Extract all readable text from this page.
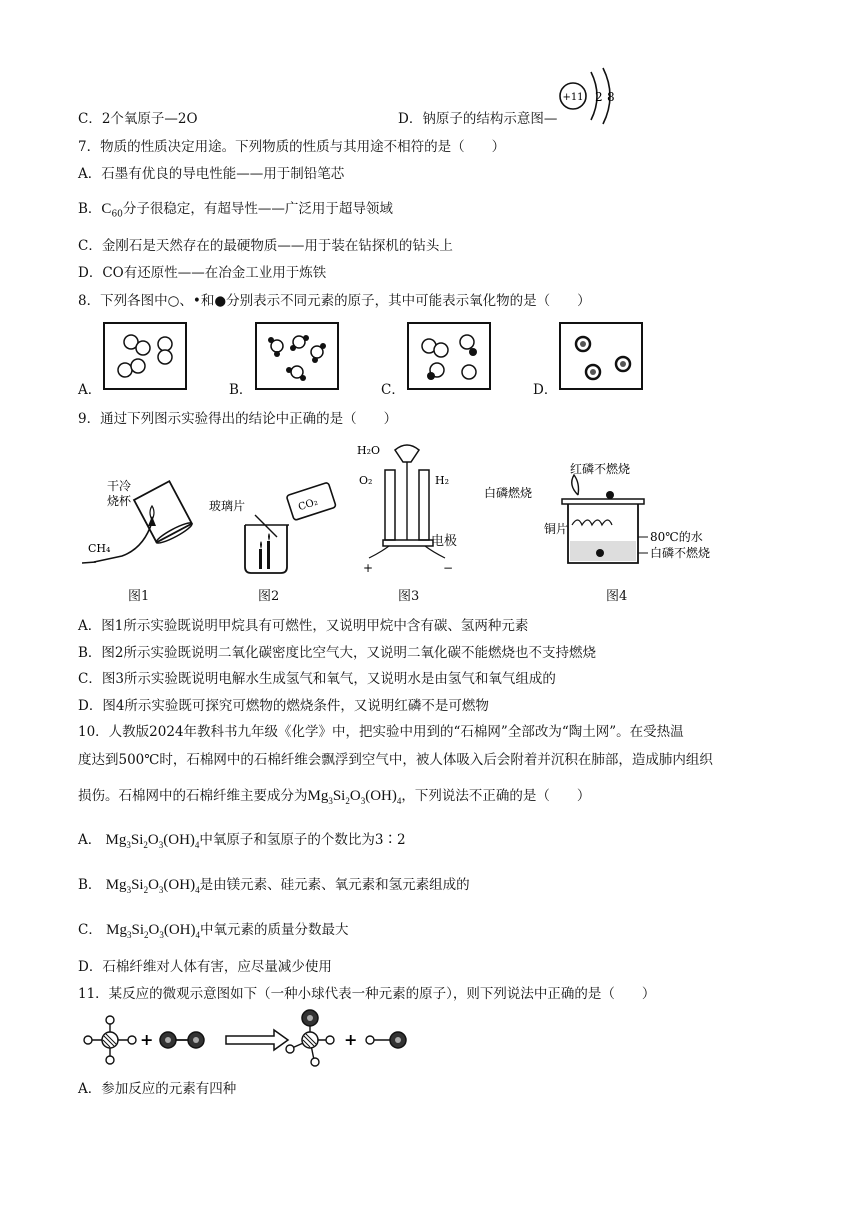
C．2个氧原子—2O	D．钠原子的结构示意图—
+11 2 8
7．物质的性质决定用途。下列物质的性质与其用途不相符的是（　　）
A．石墨有优良的导电性能——用于制铅笔芯
B．$C_{60}$分子很稳定，有超导性——广泛用于超导领域
C．金刚石是天然存在的最硬物质——用于装在钻探机的钻头上
D．CO有还原性——在冶金工业用于炼铁
8．下列各图中○、•和●分别表示不同元素的原子，其中可能表示氧化物的是（　　）
A．	B．	C．	D．
9．通过下列图示实验得出的结论中正确的是（　　）
干冷
烧杯
CH₄
图1
玻璃片	CO₂
图2
H₂O
O₂	H₂
+	−
电极
图3
红磷不燃烧
白磷燃烧
铜片
80℃的水
白磷不燃烧
图4
A．图1所示实验既说明甲烷具有可燃性，又说明甲烷中含有碳、氢两种元素
B．图2所示实验既说明二氧化碳密度比空气大，又说明二氧化碳不能燃烧也不支持燃烧
C．图3所示实验既说明电解水生成氢气和氧气，又说明水是由氢气和氧气组成的
D．图4所示实验既可探究可燃物的燃烧条件，又说明红磷不是可燃物
10．人教版2024年教科书九年级《化学》中，把实验中用到的“石棉网”全部改为“陶土网”。在受热温
度达到500℃时，石棉网中的石棉纤维会飘浮到空气中，被人体吸入后会附着并沉积在肺部，造成肺内组织
损伤。石棉网中的石棉纤维主要成分为$Mg_3Si_2O_3(OH)_4$，下列说法不正确的是（　　）
A． $Mg_3Si_2O_3(OH)_4$中氧原子和氢原子的个数比为3∶2
B． $Mg_3Si_2O_3(OH)_4$是由镁元素、硅元素、氧元素和氢元素组成的
C． $Mg_3Si_2O_3(OH)_4$中氧元素的质量分数最大
D．石棉纤维对人体有害，应尽量减少使用
11．某反应的微观示意图如下（一种小球代表一种元素的原子），则下列说法中正确的是（　　）
+	+
A．参加反应的元素有四种
